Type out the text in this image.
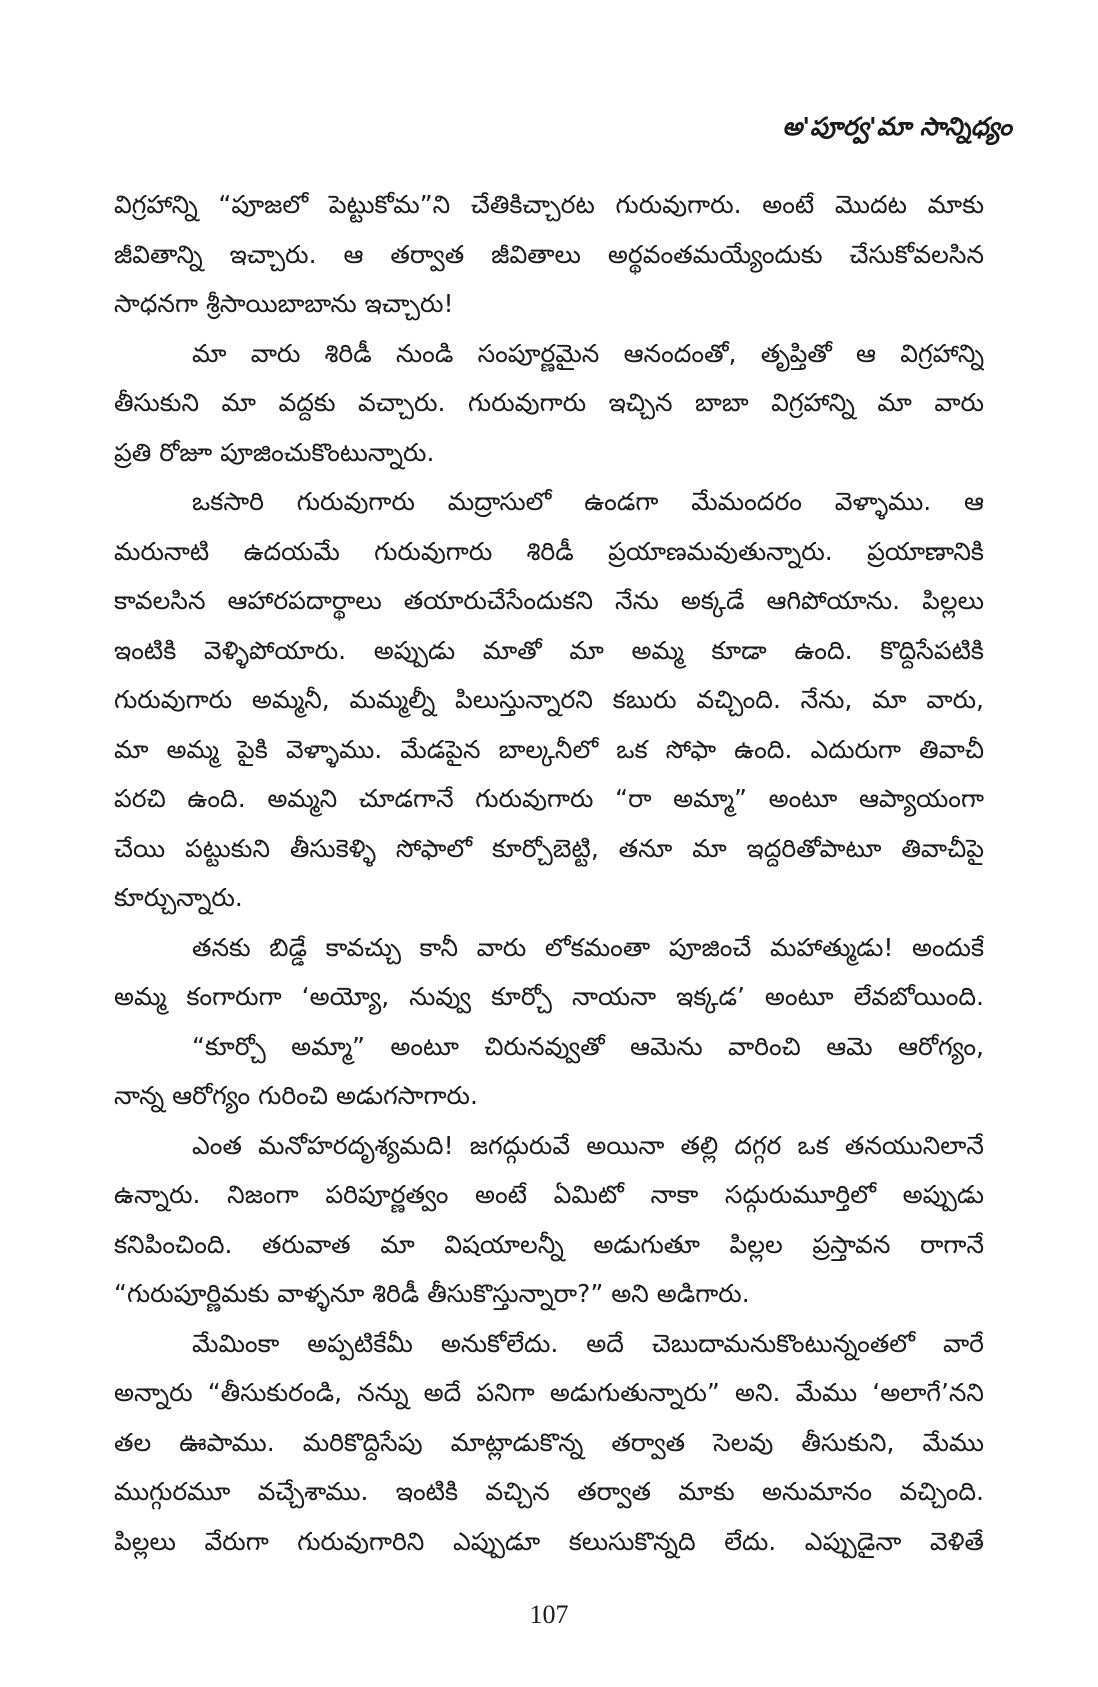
అ'పూర్వ'మా సాన్నిధ్యం
విగ్రహాన్ని “పూజలో పెట్టుకోమ”ని చేతికిచ్చారట గురువుగారు. అంటే మొదట మాకు
జీవితాన్ని ఇచ్చారు. ఆ తర్వాత జీవితాలు అర్థవంతమయ్యేందుకు చేసుకోవలసిన
సాధనగా శ్రీసాయిబాబాను ఇచ్చారు!
మా వారు శిరిడీ నుండి సంపూర్ణమైన ఆనందంతో, తృప్తితో ఆ విగ్రహాన్ని
తీసుకుని మా వద్దకు వచ్చారు. గురువుగారు ఇచ్చిన బాబా విగ్రహాన్ని మా వారు
ప్రతి రోజూ పూజించుకొంటున్నారు.
ఒకసారి గురువుగారు మద్రాసులో ఉండగా మేమందరం వెళ్ళాము. ఆ
మరునాటి ఉదయమే గురువుగారు శిరిడీ ప్రయాణమవుతున్నారు. ప్రయాణానికి
కావలసిన ఆహారపదార్థాలు తయారుచేసేందుకని నేను అక్కడే ఆగిపోయాను. పిల్లలు
ఇంటికి వెళ్ళిపోయారు. అప్పుడు మాతో మా అమ్మ కూడా ఉంది. కొద్దిసేపటికి
గురువుగారు అమ్మనీ, మమ్మల్నీ పిలుస్తున్నారని కబురు వచ్చింది. నేను, మా వారు,
మా అమ్మ పైకి వెళ్ళాము. మేడపైన బాల్కనీలో ఒక సోఫా ఉంది. ఎదురుగా తివాచీ
పరచి ఉంది. అమ్మని చూడగానే గురువుగారు “రా అమ్మా” అంటూ ఆప్యాయంగా
చేయి పట్టుకుని తీసుకెళ్ళి సోఫాలో కూర్చోబెట్టి, తనూ మా ఇద్దరితోపాటూ తివాచీపై
కూర్చున్నారు.
తనకు బిడ్డే కావచ్చు కానీ వారు లోకమంతా పూజించే మహాత్ముడు! అందుకే
అమ్మ కంగారుగా ‘అయ్యో, నువ్వు కూర్చో నాయనా ఇక్కడ’ అంటూ లేవబోయింది.
“కూర్చో అమ్మా” అంటూ చిరునవ్వుతో ఆమెను వారించి ఆమె ఆరోగ్యం,
నాన్న ఆరోగ్యం గురించి అడుగసాగారు.
ఎంత మనోహరదృశ్యమది! జగద్గురువే అయినా తల్లి దగ్గర ఒక తనయునిలానే
ఉన్నారు. నిజంగా పరిపూర్ణత్వం అంటే ఏమిటో నాకా సద్గురుమూర్తిలో అప్పుడు
కనిపించింది. తరువాత మా విషయాలన్నీ అడుగుతూ పిల్లల ప్రస్తావన రాగానే
“గురుపూర్ణిమకు వాళ్ళనూ శిరిడీ తీసుకొస్తున్నారా?” అని అడిగారు.
మేమింకా అప్పటికేమీ అనుకోలేదు. అదే చెబుదామనుకొంటున్నంతలో వారే
అన్నారు “తీసుకురండి, నన్ను అదే పనిగా అడుగుతున్నారు” అని. మేము ‘అలాగే’నని
తల ఊపాము. మరికొద్దిసేపు మాట్లాడుకొన్న తర్వాత సెలవు తీసుకుని, మేము
ముగ్గురమూ వచ్చేశాము. ఇంటికి వచ్చిన తర్వాత మాకు అనుమానం వచ్చింది.
పిల్లలు వేరుగా గురువుగారిని ఎప్పుడూ కలుసుకొన్నది లేదు. ఎప్పుడైనా వెళితే
107
